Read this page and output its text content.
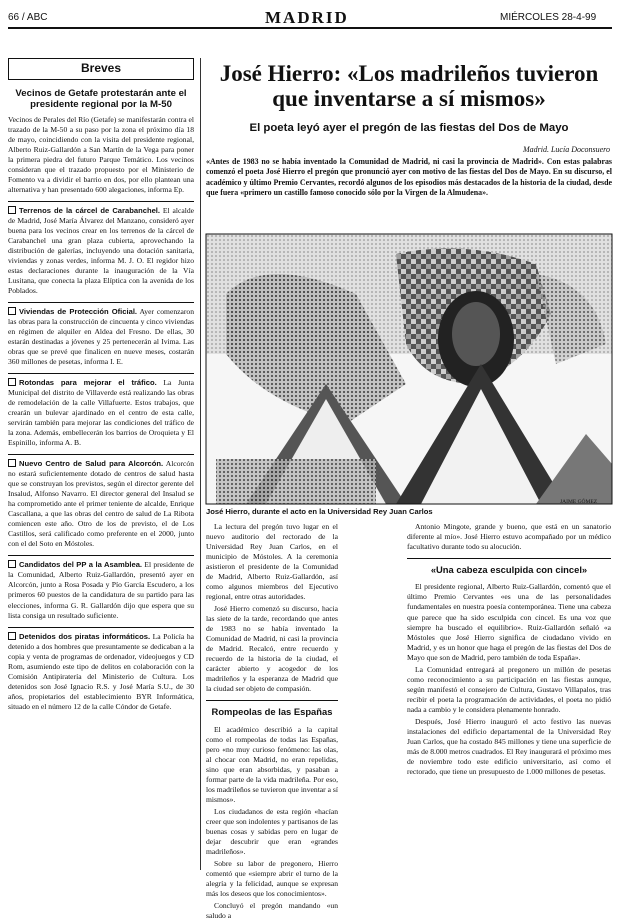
66 / ABC	MADRID	MIÉRCOLES 28-4-99
Breves
Vecinos de Getafe protestarán ante el presidente regional por la M-50
Vecinos de Perales del Río (Getafe) se manifestarán contra el trazado de la M-50 a su paso por la zona el próximo día 18 de mayo, coincidiendo con la visita del presidente regional, Alberto Ruiz-Gallardón a San Martín de la Vega para poner la primera piedra del futuro Parque Temático. Los vecinos consideran que el trazado propuesto por el Ministerio de Fomento va a dividir el barrio en dos, por ello plantean una alternativa y han presentado 600 alegaciones, informa Ep.
Terrenos de la cárcel de Carabanchel. El alcalde de Madrid, José María Álvarez del Manzano, consideró ayer buena para los vecinos crear en los terrenos de la cárcel de Carabanchel una gran plaza cubierta, aprovechando la distribución de galerías, incluyendo una dotación sanitaria, viviendas y zonas verdes, informa M. J. O. El regidor hizo estas declaraciones durante la inauguración de la Vía Lusitana, que conecta la plaza Elíptica con la avenida de los Poblados.
Viviendas de Protección Oficial. Ayer comenzaron las obras para la construcción de cincuenta y cinco viviendas en régimen de alquiler en Aldea del Fresno. De ellas, 30 estarán destinadas a jóvenes y 25 pertenecerán al Ivima. Las obras que se prevé que finalicen en nueve meses, costarán 360 millones de pesetas, informa I. E.
Rotondas para mejorar el tráfico. La Junta Municipal del distrito de Villaverde está realizando las obras de remodelación de la calle Villafuerte. Estos trabajos, que crearán un bulevar ajardinado en el centro de esta calle, servirán también para mejorar las condiciones del tráfico de la zona. Además, embellecerán los barrios de Oroquieta y El Espinillo, informa A. B.
Nuevo Centro de Salud para Alcorcón. Alcorcón no estará suficientemente dotado de centros de salud hasta que se construyan los previstos, según el director gerente del Insalud, Alfonso Navarro. El director general del Insalud se ha comprometido ante el primer teniente de alcalde, Enrique Cascallana, a que las obras del centro de salud de La Ribota comiencen este año. Otro de los de previsto, el de Los Castillos, será calificado como preferente en el 2000, junto con el del Soto en Móstoles.
Candidatos del PP a la Asamblea. El presidente de la Comunidad, Alberto Ruiz-Gallardón, presentó ayer en Alcorcón, junto a Rosa Posada y Pío García Escudero, a los primeros 60 puestos de la candidatura de su partido para las elecciones, informa G. R. Gallardón dijo que espera que su lista consiga un resultado suficiente.
Detenidos dos piratas informáticos. La Policía ha detenido a dos hombres que presuntamente se dedicaban a la copia y venta de programas de ordenador, videojuegos y CD Rom, asumiendo este tipo de delitos en colaboración con la Comisión Antipiratería del Ministerio de Cultura. Los detenidos son José Ignacio R.S. y José María S.U., de 30 años, propietarios del establecimiento BYR Informática, situado en el número 12 de la calle Cóndor de Getafe.
José Hierro: «Los madrileños tuvieron que inventarse a sí mismos»
El poeta leyó ayer el pregón de las fiestas del Dos de Mayo
Madrid. Lucía Doconsuero
«Antes de 1983 no se había inventado la Comunidad de Madrid, ni casi la provincia de Madrid». Con estas palabras comenzó el poeta José Hierro el pregón que pronunció ayer con motivo de las fiestas del Dos de Mayo. En su discurso, el académico y último Premio Cervantes, recordó algunos de los episodios más destacados de la historia de la ciudad, desde que fuera «primero un castillo famoso conocido sólo por la Virgen de la Almudena».
JAIME GÓMEZ
José Hierro, durante el acto en la Universidad Rey Juan Carlos

La lectura del pregón tuvo lugar en el nuevo auditorio del rectorado de la Universidad Rey Juan Carlos, en el municipio de Móstoles. A la ceremonia asistieron el presidente de la Comunidad de Madrid, Alberto Ruiz-Gallardón, así como algunos miembros del Ejecutivo regional, entre otras autoridades.

José Hierro comenzó su discurso, hacia las siete de la tarde, recordando que antes de 1983 no se había inventado la Comunidad de Madrid, ni casi la provincia de Madrid. Recalcó, entre recuerdo y recuerdo de la historia de la ciudad, el carácter abierto y acogedor de los madrileños y la esperanza de Madrid que la ciudad ser objeto de compasión.

Rompeolas de las Españas

El académico describió a la capital como el rompeolas de todas las Españas, pero «no muy curioso fenómeno: las olas, al chocar con Madrid, no eran repelidas, sino que eran absorbidas, y pasaban a formar parte de la vida madrileña. Por eso, los madrileños se tuvieron que inventar a sí mismos».

Los ciudadanos de esta región «hacían creer que son indolentes y partisanos de las buenas cosas y sabidas pero en lugar de dejar descubrir que eran «grandes madrileños».

Sobre su labor de pregonero, Hierro comentó que «siempre abrir el turno de la alegría y la felicidad, aunque se expresan más los deseos que los conocimientos».

Concluyó el pregón mandando «un saludo a

Antonio Mingote, grande y bueno, que está en un sanatorio diferente al mío». José Hierro estuvo acompañado por un médico facultativo durante todo su alocución.

«Una cabeza esculpida con cincel»

El presidente regional, Alberto Ruiz-Gallardón, comentó que el último Premio Cervantes «es una de las personalidades fundamentales en nuestra poesía contemporánea. Tiene una cabeza que parece que ha sido esculpida con cincel. Es una voz que siempre ha buscado el equilibrio». Ruiz-Gallardón señaló «a Móstoles que José Hierro significa de ciudadano vivido en Madrid, y es un honor que haga el pregón de las fiestas del Dos de Mayo que son de Madrid, pero también de toda España».

La Comunidad entregará al pregonero un millón de pesetas como reconocimiento a su participación en las fiestas aunque, según manifestó el consejero de Cultura, Gustavo Villapalos, tras recibir el poeta la programación de actividades, el poeta no pidió nada a cambio y le considera plenamente honrado.

Después, José Hierro inauguró el acto festivo las nuevas instalaciones del edificio departamental de la Universidad Rey Juan Carlos, que ha costado 845 millones y tiene una superficie de más de 8.000 metros cuadrados. El Rey inaugurará el próximo mes de noviembre todo este edificio universitario, así como el rectorado, que tiene un presupuesto de 1.000 millones de pesetas.
